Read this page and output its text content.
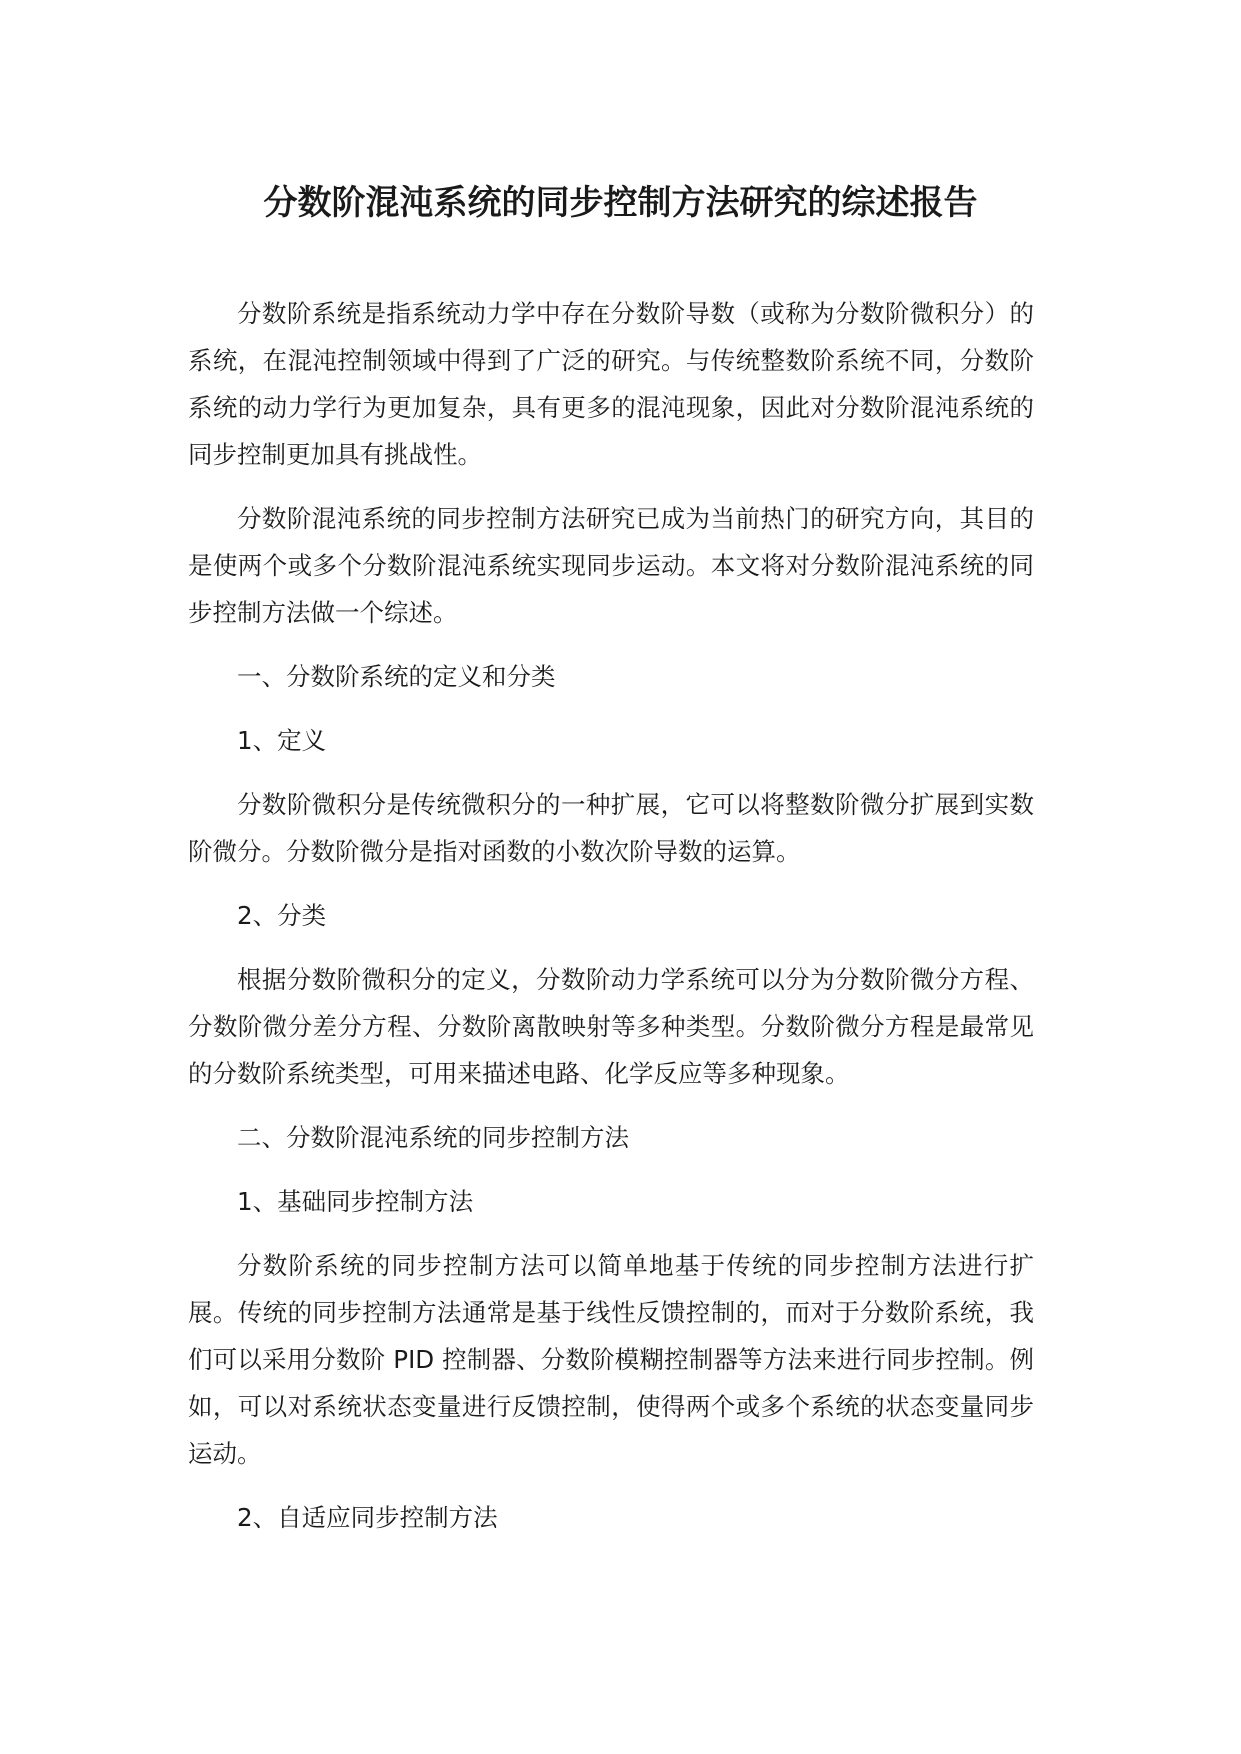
分数阶混沌系统的同步控制方法研究的综述报告

分数阶系统是指系统动力学中存在分数阶导数（或称为分数阶微积分）的系统，在混沌控制领域中得到了广泛的研究。与传统整数阶系统不同，分数阶系统的动力学行为更加复杂，具有更多的混沌现象，因此对分数阶混沌系统的同步控制更加具有挑战性。

分数阶混沌系统的同步控制方法研究已成为当前热门的研究方向，其目的是使两个或多个分数阶混沌系统实现同步运动。本文将对分数阶混沌系统的同步控制方法做一个综述。

一、分数阶系统的定义和分类

1、定义

分数阶微积分是传统微积分的一种扩展，它可以将整数阶微分扩展到实数阶微分。分数阶微分是指对函数的小数次阶导数的运算。

2、分类

根据分数阶微积分的定义，分数阶动力学系统可以分为分数阶微分方程、分数阶微分差分方程、分数阶离散映射等多种类型。分数阶微分方程是最常见的分数阶系统类型，可用来描述电路、化学反应等多种现象。

二、分数阶混沌系统的同步控制方法

1、基础同步控制方法

分数阶系统的同步控制方法可以简单地基于传统的同步控制方法进行扩展。传统的同步控制方法通常是基于线性反馈控制的，而对于分数阶系统，我们可以采用分数阶 PID 控制器、分数阶模糊控制器等方法来进行同步控制。例如，可以对系统状态变量进行反馈控制，使得两个或多个系统的状态变量同步运动。

2、自适应同步控制方法
